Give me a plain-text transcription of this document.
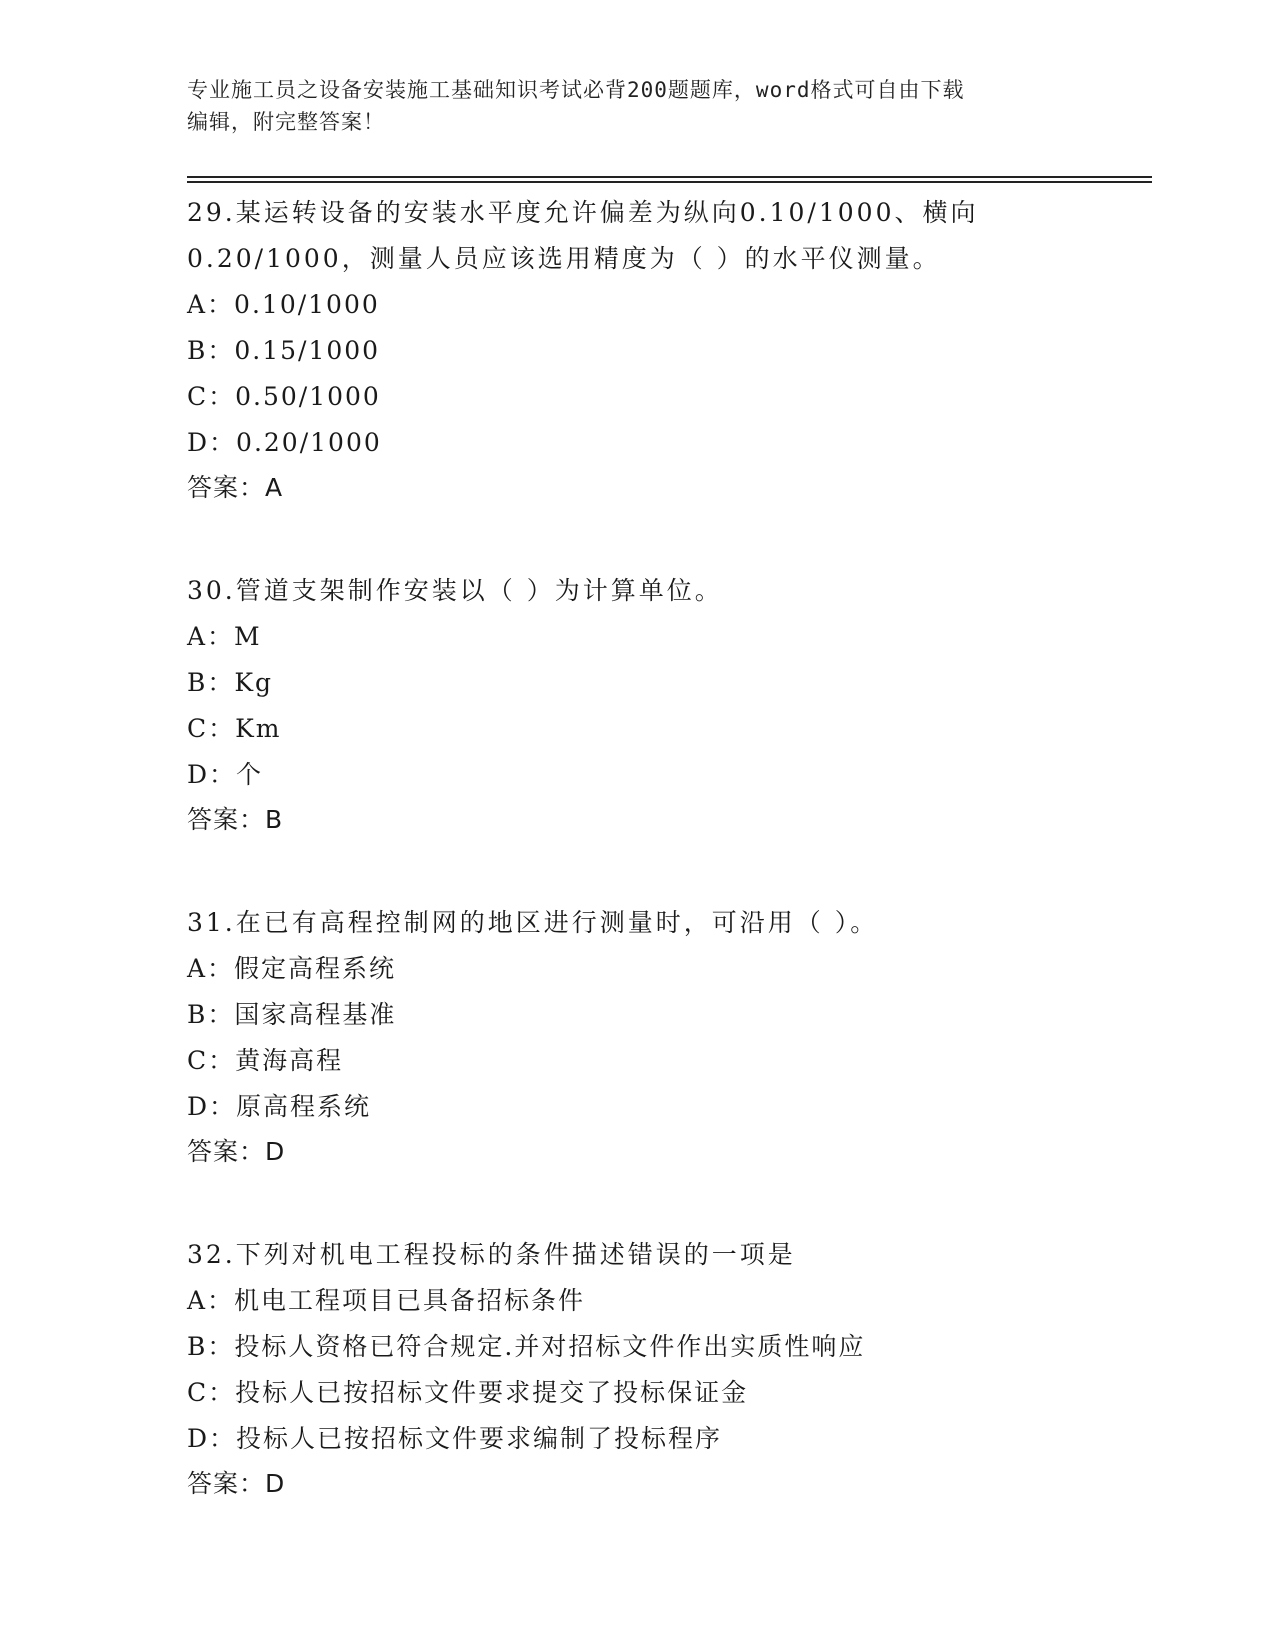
专业施工员之设备安装施工基础知识考试必背200题题库，word格式可自由下载
编辑，附完整答案！

29.某运转设备的安装水平度允许偏差为纵向0.10/1000、横向

0.20/1000，测量人员应该选用精度为（ ）的水平仪测量。

A：0.10/1000

B：0.15/1000

C：0.50/1000

D：0.20/1000

答案：A

30.管道支架制作安装以（ ）为计算单位。

A：M

B：Kg

C：Km

D：个

答案：B

31.在已有高程控制网的地区进行测量时，可沿用（ ）。

A：假定高程系统

B：国家高程基准

C：黄海高程

D：原高程系统

答案：D

32.下列对机电工程投标的条件描述错误的一项是

A：机电工程项目已具备招标条件

B：投标人资格已符合规定.并对招标文件作出实质性响应

C：投标人已按招标文件要求提交了投标保证金

D：投标人已按招标文件要求编制了投标程序

答案：D
